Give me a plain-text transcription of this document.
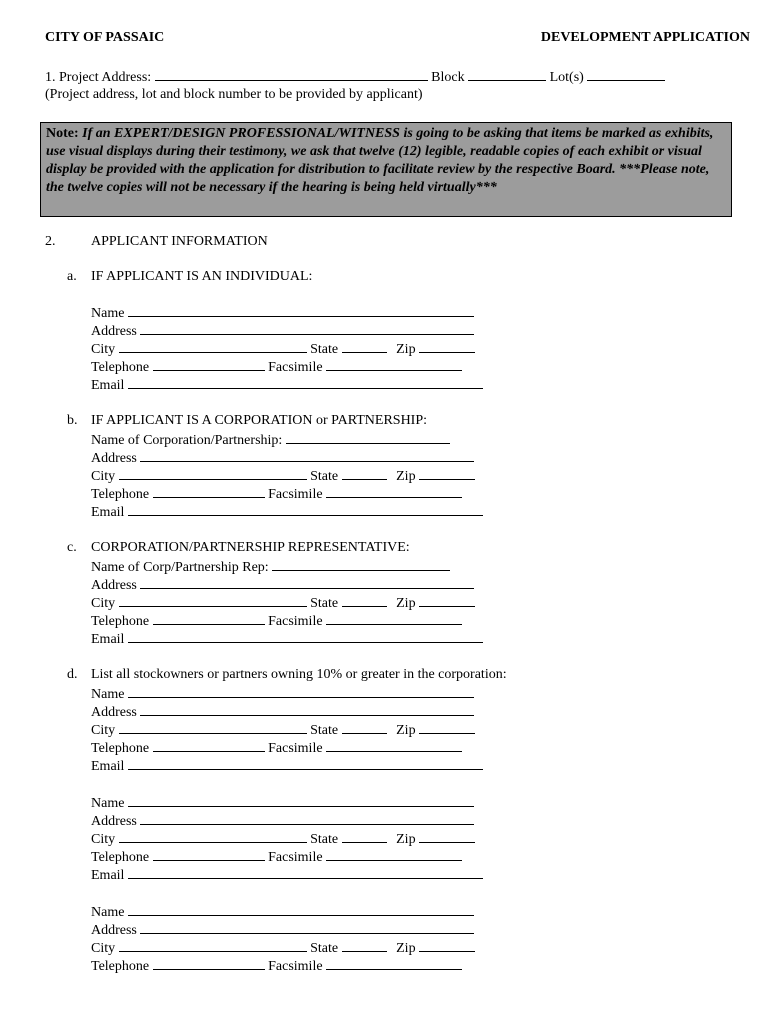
CITY OF PASSAIC	DEVELOPMENT APPLICATION
1. Project Address:	Block	Lot(s)
(Project address, lot and block number to be provided by applicant)
Note: If an EXPERT/DESIGN PROFESSIONAL/WITNESS is going to be asking that items be marked as exhibits, use visual displays during their testimony, we ask that twelve (12) legible, readable copies of each exhibit or visual display be provided with the application for distribution to facilitate review by the respective Board. ***Please note, the twelve copies will not be necessary if the hearing is being held virtually***
2.	APPLICANT INFORMATION
a. IF APPLICANT IS AN INDIVIDUAL:
Name
Address
City	State	Zip
Telephone	Facsimile
Email
b. IF APPLICANT IS A CORPORATION or PARTNERSHIP:
Name of Corporation/Partnership:
Address
City	State	Zip
Telephone	Facsimile
Email
c. CORPORATION/PARTNERSHIP REPRESENTATIVE:
Name of Corp/Partnership Rep:
Address
City	State	Zip
Telephone	Facsimile
Email
d. List all stockowners or partners owning 10% or greater in the corporation:
Name
Address
City	State	Zip
Telephone	Facsimile
Email
Name
Address
City	State	Zip
Telephone	Facsimile
Email
Name
Address
City	State	Zip
Telephone	Facsimile
